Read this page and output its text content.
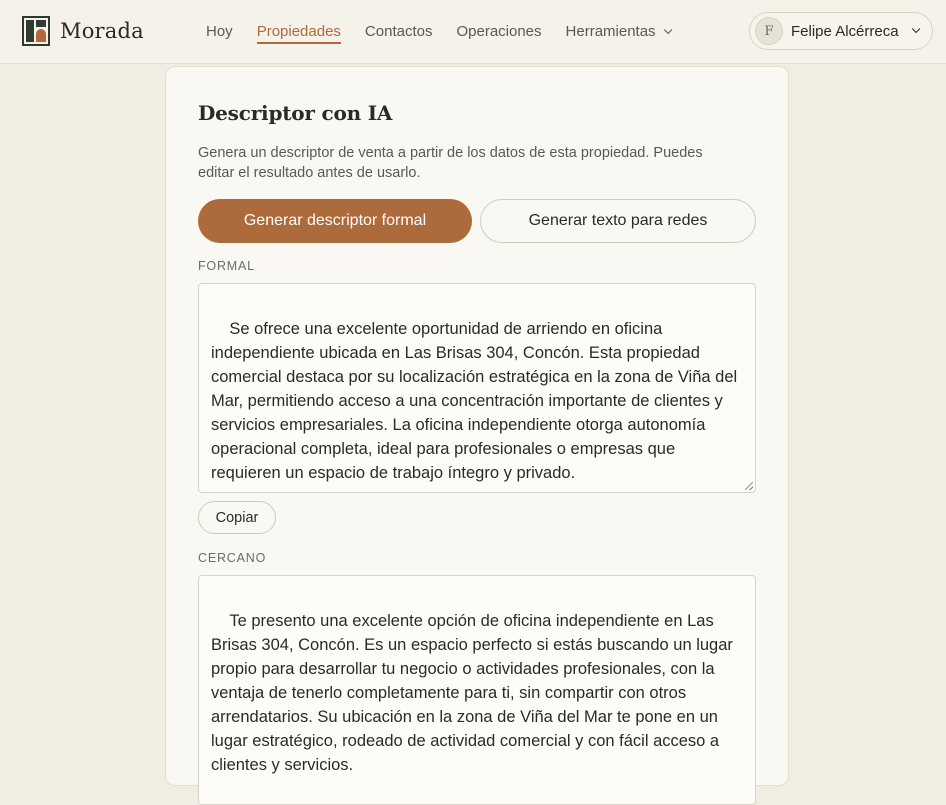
Morada	Hoy Propiedades Contactos Operaciones Herramientas	F	Felipe Alcérreca
Descriptor con IA
Genera un descriptor de venta a partir de los datos de esta propiedad. Puedes editar el resultado antes de usarlo.
Generar descriptor formal	Generar texto para redes
FORMAL

Se ofrece una excelente oportunidad de arriendo en oficina independiente ubicada en Las Brisas 304, Concón. Esta propiedad comercial destaca por su localización estratégica en la zona de Viña del Mar, permitiendo acceso a una concentración importante de clientes y servicios empresariales. La oficina independiente otorga autonomía operacional completa, ideal para profesionales o empresas que requieren un espacio de trabajo íntegro y privado.

Copiar
CERCANO

Te presento una excelente opción de oficina independiente en Las Brisas 304, Concón. Es un espacio perfecto si estás buscando un lugar propio para desarrollar tu negocio o actividades profesionales, con la ventaja de tenerlo completamente para ti, sin compartir con otros arrendatarios. Su ubicación en la zona de Viña del Mar te pone en un lugar estratégico, rodeado de actividad comercial y con fácil acceso a clientes y servicios.
